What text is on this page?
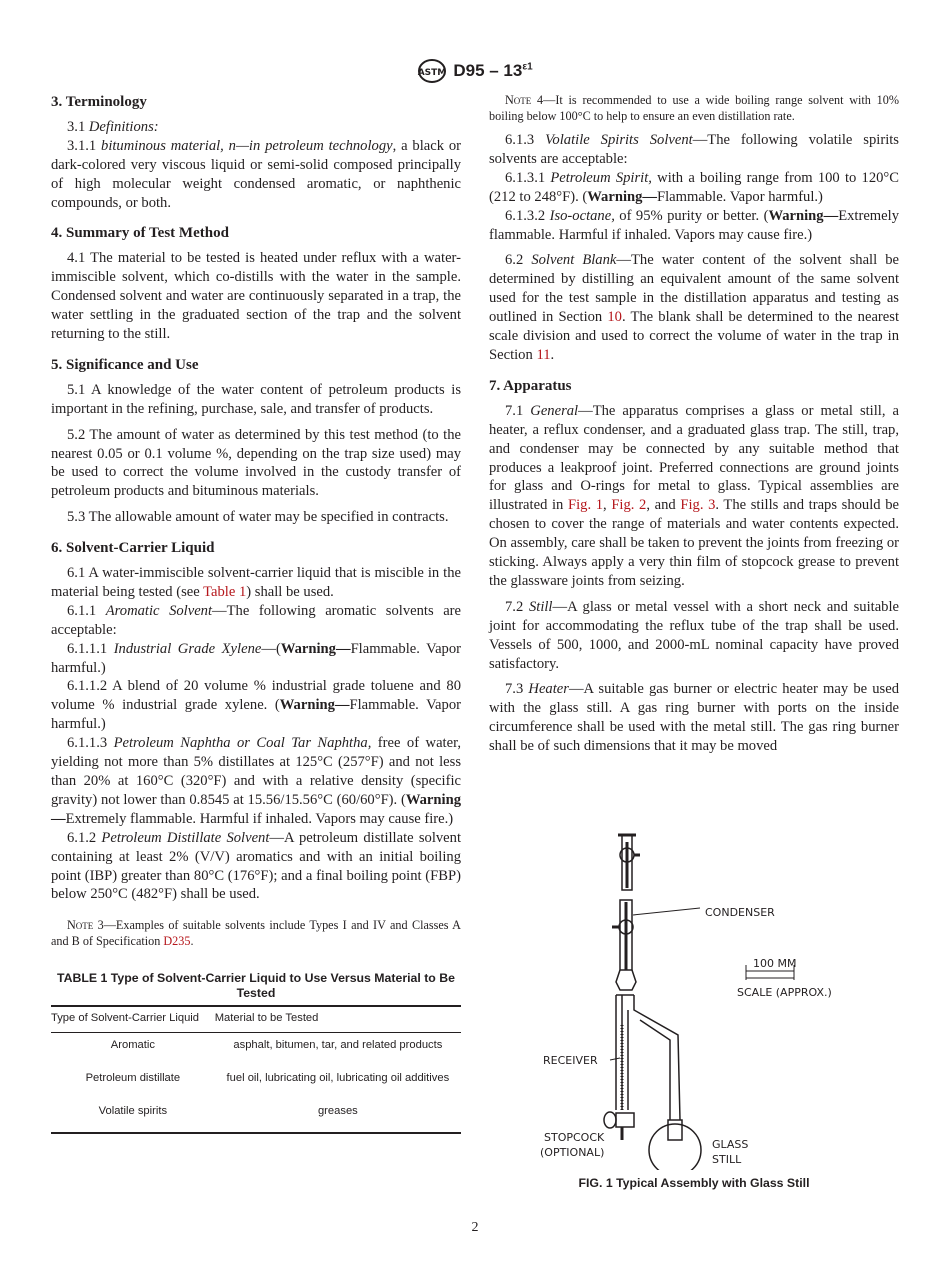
ASTM $D95 - 13^{\varepsilon 1}$
3. Terminology

3.1 Definitions:

3.1.1 bituminous material, n—in petroleum technology, a black or dark-colored very viscous liquid or semi-solid composed principally of high molecular weight condensed aromatic, or naphthenic compounds, or both.

4. Summary of Test Method

4.1 The material to be tested is heated under reflux with a water-immiscible solvent, which co-distills with the water in the sample. Condensed solvent and water are continuously separated in a trap, the water settling in the graduated section of the trap and the solvent returning to the still.

5. Significance and Use

5.1 A knowledge of the water content of petroleum products is important in the refining, purchase, sale, and transfer of products.

5.2 The amount of water as determined by this test method (to the nearest 0.05 or 0.1 volume %, depending on the trap size used) may be used to correct the volume involved in the custody transfer of petroleum products and bituminous materials.

5.3 The allowable amount of water may be specified in contracts.

6. Solvent-Carrier Liquid

6.1 A water-immiscible solvent-carrier liquid that is miscible in the material being tested (see Table 1) shall be used.

6.1.1 Aromatic Solvent—The following aromatic solvents are acceptable:

6.1.1.1 Industrial Grade Xylene—(Warning—Flammable. Vapor harmful.)

6.1.1.2 A blend of 20 volume % industrial grade toluene and 80 volume % industrial grade xylene. (Warning—Flammable. Vapor harmful.)

6.1.1.3 Petroleum Naphtha or Coal Tar Naphtha, free of water, yielding not more than 5% distillates at 125°C (257°F) and not less than 20% at 160°C (320°F) and with a relative density (specific gravity) not lower than 0.8545 at 15.56/15.56°C (60/60°F). (Warning—Extremely flammable. Harmful if inhaled. Vapors may cause fire.)

6.1.2 Petroleum Distillate Solvent—A petroleum distillate solvent containing at least 2% (V/V) aromatics and with an initial boiling point (IBP) greater than 80°C (176°F); and a final boiling point (FBP) below 250°C (482°F) shall be used.

Note 3—Examples of suitable solvents include Types I and IV and Classes A and B of Specification D235.
TABLE 1 Type of Solvent-Carrier Liquid to Use Versus Material to Be Tested
Type of Solvent-Carrier Liquid	Material to be Tested
Aromatic	asphalt, bitumen, tar, and related products
Petroleum distillate	fuel oil, lubricating oil, lubricating oil additives
Volatile spirits	greases
Note 4—It is recommended to use a wide boiling range solvent with 10% boiling below 100°C to help to ensure an even distillation rate.

6.1.3 Volatile Spirits Solvent—The following volatile spirits solvents are acceptable:

6.1.3.1 Petroleum Spirit, with a boiling range from 100 to 120°C (212 to 248°F). (Warning—Flammable. Vapor harmful.)

6.1.3.2 Iso-octane, of 95% purity or better. (Warning—Extremely flammable. Harmful if inhaled. Vapors may cause fire.)

6.2 Solvent Blank—The water content of the solvent shall be determined by distilling an equivalent amount of the same solvent used for the test sample in the distillation apparatus and testing as outlined in Section 10. The blank shall be determined to the nearest scale division and used to correct the volume of water in the trap in Section 11.

7. Apparatus

7.1 General—The apparatus comprises a glass or metal still, a heater, a reflux condenser, and a graduated glass trap. The still, trap, and condenser may be connected by any suitable method that produces a leakproof joint. Preferred connections are ground joints for glass and O-rings for metal to glass. Typical assemblies are illustrated in Fig. 1, Fig. 2, and Fig. 3. The stills and traps should be chosen to cover the range of materials and water contents expected. On assembly, care shall be taken to prevent the joints from freezing or sticking. Always apply a very thin film of stopcock grease to prevent the glassware joints from seizing.

7.2 Still—A glass or metal vessel with a short neck and suitable joint for accommodating the reflux tube of the trap shall be used. Vessels of 500, 1000, and 2000-mL nominal capacity have proved satisfactory.

7.3 Heater—A suitable gas burner or electric heater may be used with the glass still. A gas ring burner with ports on the inside circumference shall be used with the metal still. The gas ring burner shall be of such dimensions that it may be moved

CONDENSER
100 MM
SCALE (APPROX.)
RECEIVER
STOPCOCK
(OPTIONAL)
GLASS
STILL
FIG. 1 Typical Assembly with Glass Still
2
